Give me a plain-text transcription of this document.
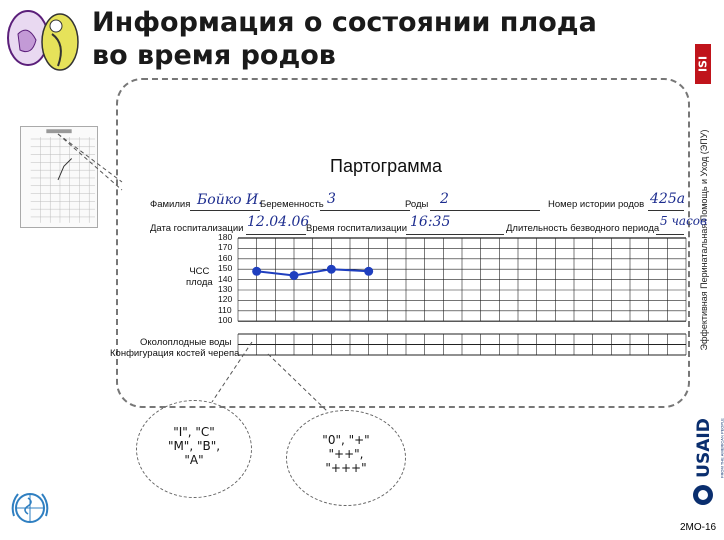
Информация о состоянии плода
во время родов	ISI
Эффективная Перинатальная Помощь и Уход (ЭПУ)
Партограмма
Фамилия Бойко И.
Беременность 3	Роды 2	Номер истории родов 425а
Дата госпитализации 12.04.06
Время госпитализации 16:35	Длительность безводного периода
5 часов
ЧСС
плода
180
170
160
150
140
130
120
110
100
Околоплодные воды
Конфигурация костей черепа
"I", "C"
"M", "B",
"A"
"0", "+"
"++",
"+++"	USAID FROM THE AMERICAN PEOPLE
2МО-16
